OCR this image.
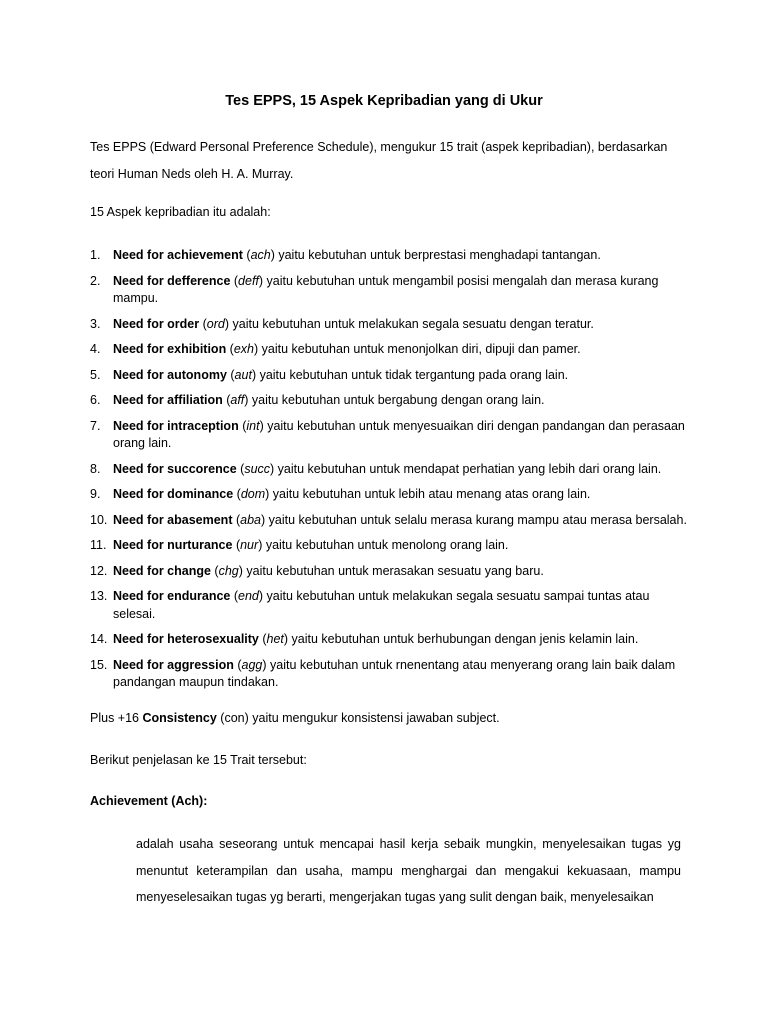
Tes EPPS, 15 Aspek Kepribadian yang di Ukur
Tes EPPS (Edward Personal Preference Schedule), mengukur 15 trait (aspek kepribadian), berdasarkan teori Human Neds oleh H. A. Murray.
15 Aspek kepribadian itu adalah:
1.	Need for achievement (ach) yaitu kebutuhan untuk berprestasi menghadapi tantangan.
2.	Need for defference (deff) yaitu kebutuhan untuk mengambil posisi mengalah dan merasa kurang mampu.
3.	Need for order (ord) yaitu kebutuhan untuk melakukan segala sesuatu dengan teratur.
4.	Need for exhibition (exh) yaitu kebutuhan untuk menonjolkan diri, dipuji dan pamer.
5.	Need for autonomy (aut) yaitu kebutuhan untuk tidak tergantung pada orang lain.
6.	Need for affiliation (aff) yaitu kebutuhan untuk bergabung dengan orang lain.
7.	Need for intraception (int) yaitu kebutuhan untuk menyesuaikan diri dengan pandangan dan perasaan orang lain.
8.	Need for succorence (succ) yaitu kebutuhan untuk mendapat perhatian yang lebih dari orang lain.
9.	Need for dominance (dom) yaitu kebutuhan untuk lebih atau menang atas orang lain.
10. Need for abasement (aba) yaitu kebutuhan untuk selalu merasa kurang mampu atau merasa bersalah.
11. Need for nurturance (nur) yaitu kebutuhan untuk menolong orang lain.
12. Need for change (chg) yaitu kebutuhan untuk merasakan sesuatu yang baru.
13. Need for endurance (end) yaitu kebutuhan untuk melakukan segala sesuatu sampai tuntas atau selesai.
14. Need for heterosexuality (het) yaitu kebutuhan untuk berhubungan dengan jenis kelamin lain.
15. Need for aggression (agg) yaitu kebutuhan untuk rnenentang atau menyerang orang lain baik dalam pandangan maupun tindakan.
Plus +16 Consistency (con) yaitu mengukur konsistensi jawaban subject.
Berikut penjelasan ke 15 Trait tersebut:
Achievement (Ach):
adalah usaha seseorang untuk mencapai hasil kerja sebaik mungkin, menyelesaikan tugas yg menuntut keterampilan dan usaha, mampu menghargai dan mengakui kekuasaan, mampu menyeselesaikan tugas yg berarti, mengerjakan tugas yang sulit dengan baik, menyelesaikan
